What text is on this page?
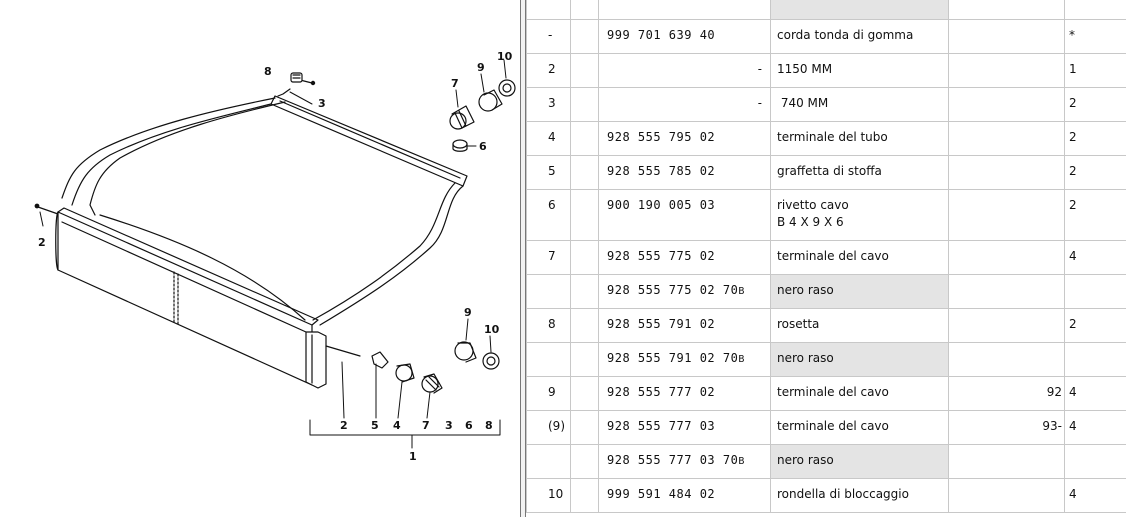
8
3
7
9
10
6
2
9
10
2 5 4 7 3 6 8
1

-		999 701 639 40	corda tonda di gomma		*
2		-	1150 MM		1
3		-	740 MM		2
4		928 555 795 02	terminale del tubo		2
5		928 555 785 02	graffetta di stoffa		2
6		900 190 005 03	rivetto cavo
B 4 X 9 X 6		2
7		928 555 775 02	terminale del cavo		4
		928 555 775 02 70B	nero raso		

8		928 555 791 02	rosetta		2
		928 555 791 02 70B	nero raso		

9		928 555 777 02	terminale del cavo	92	4
(9)		928 555 777 03	terminale del cavo	93-	4
		928 555 777 03 70B	nero raso		

10		999 591 484 02	rondella di bloccaggio		4
